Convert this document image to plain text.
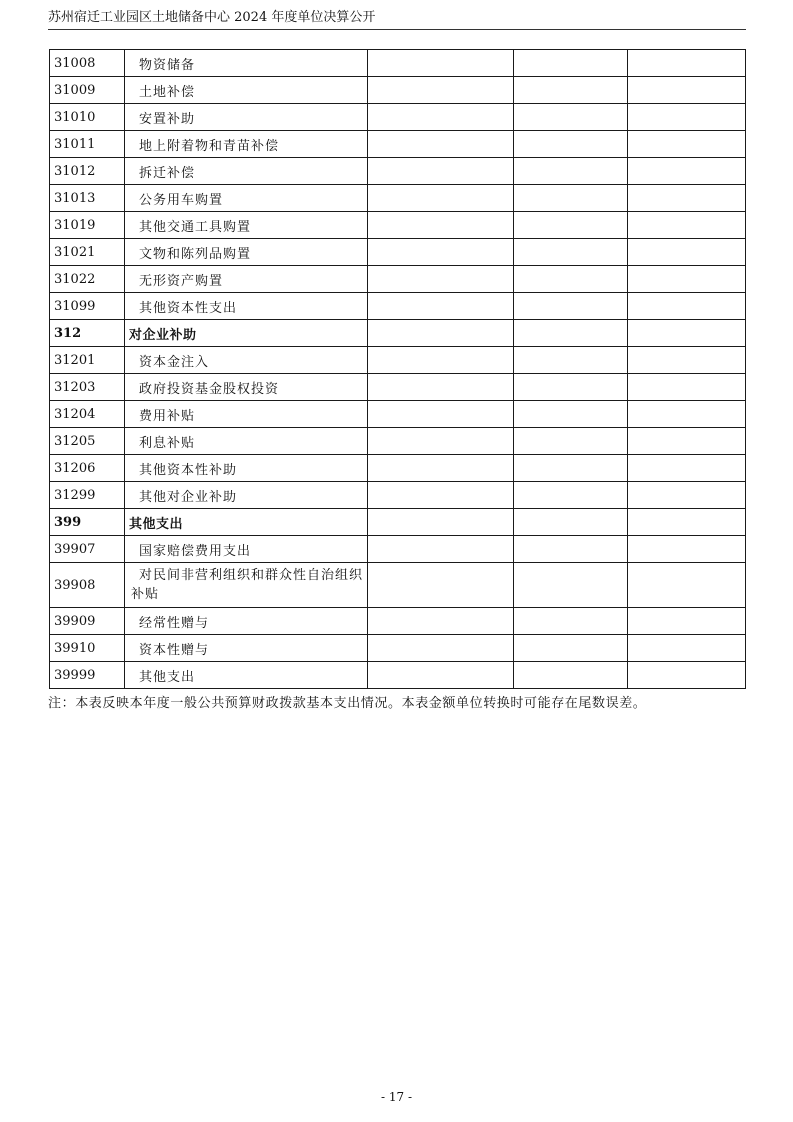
苏州宿迁工业园区土地储备中心 2024 年度单位决算公开
31008	物资储备			
31009	土地补偿			
31010	安置补助			
31011	地上附着物和青苗补偿			
31012	拆迁补偿			
31013	公务用车购置			
31019	其他交通工具购置			
31021	文物和陈列品购置			
31022	无形资产购置			
31099	其他资本性支出			
312	对企业补助			
31201	资本金注入			
31203	政府投资基金股权投资			
31204	费用补贴			
31205	利息补贴			
31206	其他资本性补助			
31299	其他对企业补助			
399	其他支出			
39907	国家赔偿费用支出			
39908	对民间非营利组织和群众性自治组织补贴			
39909	经常性赠与			
39910	资本性赠与			
39999	其他支出			
注：本表反映本年度一般公共预算财政拨款基本支出情况。本表金额单位转换时可能存在尾数误差。
- 17 -
